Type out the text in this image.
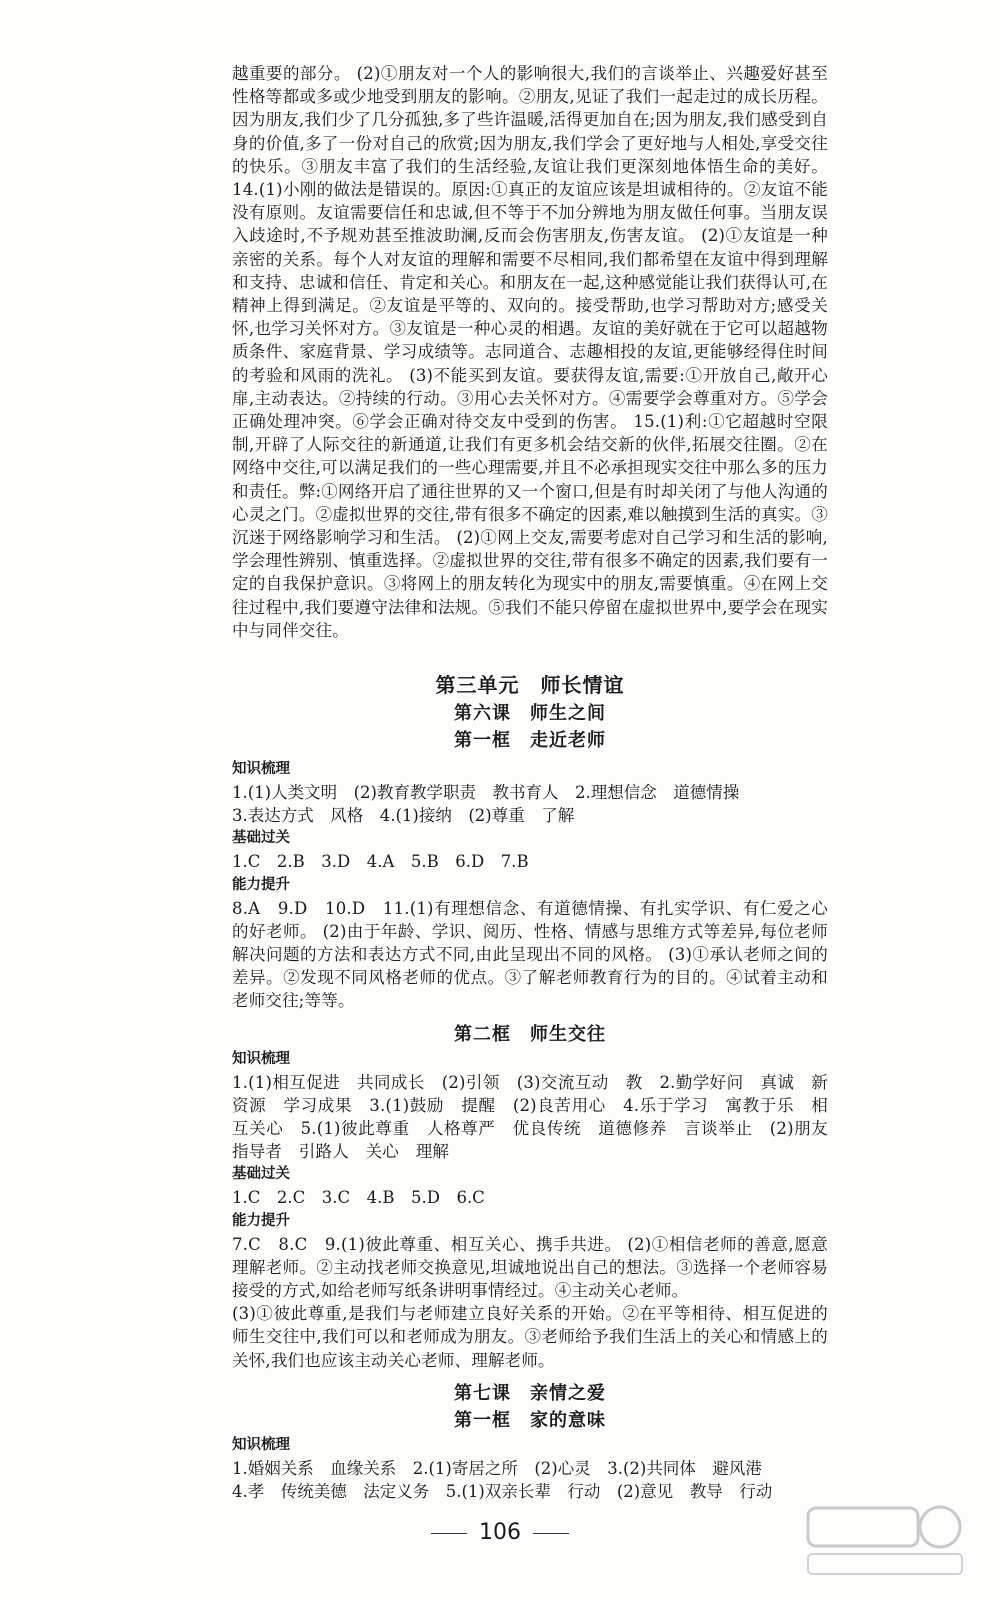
越重要的部分。 (2)①朋友对一个人的影响很大,我们的言谈举止、兴趣爱好甚至性格等都或多或少地受到朋友的影响。②朋友,见证了我们一起走过的成长历程。因为朋友,我们少了几分孤独,多了些许温暖,活得更加自在;因为朋友,我们感受到自身的价值,多了一份对自己的欣赏;因为朋友,我们学会了更好地与人相处,享受交往的快乐。③朋友丰富了我们的生活经验,友谊让我们更深刻地体悟生命的美好。 14.(1)小刚的做法是错误的。原因:①真正的友谊应该是坦诚相待的。②友谊不能没有原则。友谊需要信任和忠诚,但不等于不加分辨地为朋友做任何事。当朋友误入歧途时,不予规劝甚至推波助澜,反而会伤害朋友,伤害友谊。 (2)①友谊是一种亲密的关系。每个人对友谊的理解和需要不尽相同,我们都希望在友谊中得到理解和支持、忠诚和信任、肯定和关心。和朋友在一起,这种感觉能让我们获得认可,在精神上得到满足。②友谊是平等的、双向的。接受帮助,也学习帮助对方;感受关怀,也学习关怀对方。③友谊是一种心灵的相遇。友谊的美好就在于它可以超越物质条件、家庭背景、学习成绩等。志同道合、志趣相投的友谊,更能够经得住时间的考验和风雨的洗礼。 (3)不能买到友谊。要获得友谊,需要:①开放自己,敞开心扉,主动表达。②持续的行动。③用心去关怀对方。④需要学会尊重对方。⑤学会正确处理冲突。⑥学会正确对待交友中受到的伤害。 15.(1)利:①它超越时空限制,开辟了人际交往的新通道,让我们有更多机会结交新的伙伴,拓展交往圈。②在网络中交往,可以满足我们的一些心理需要,并且不必承担现实交往中那么多的压力和责任。弊:①网络开启了通往世界的又一个窗口,但是有时却关闭了与他人沟通的心灵之门。②虚拟世界的交往,带有很多不确定的因素,难以触摸到生活的真实。③沉迷于网络影响学习和生活。 (2)①网上交友,需要考虑对自己学习和生活的影响,学会理性辨别、慎重选择。②虚拟世界的交往,带有很多不确定的因素,我们要有一定的自我保护意识。③将网上的朋友转化为现实中的朋友,需要慎重。④在网上交往过程中,我们要遵守法律和法规。⑤我们不能只停留在虚拟世界中,要学会在现实中与同伴交往。

第三单元　师长情谊

第六课　师生之间

第一框　走近老师

知识梳理

1.(1)人类文明　(2)教育教学职责　教书育人　2.理想信念　道德情操

3.表达方式　风格　4.(1)接纳　(2)尊重　了解

基础过关

1.C　2.B　3.D　4.A　5.B　6.D　7.B

能力提升

8.A　9.D　10.D　11.(1)有理想信念、有道德情操、有扎实学识、有仁爱之心的好老师。 (2)由于年龄、学识、阅历、性格、情感与思维方式等差异,每位老师解决问题的方法和表达方式不同,由此呈现出不同的风格。 (3)①承认老师之间的差异。②发现不同风格老师的优点。③了解老师教育行为的目的。④试着主动和老师交往;等等。

第二框　师生交往

知识梳理

1.(1)相互促进　共同成长　(2)引领　(3)交流互动　教　2.勤学好问　真诚　新资源　学习成果　3.(1)鼓励　提醒　(2)良苦用心　4.乐于学习　寓教于乐　相互关心　5.(1)彼此尊重　人格尊严　优良传统　道德修养　言谈举止　(2)朋友　指导者　引路人　关心　理解

基础过关

1.C　2.C　3.C　4.B　5.D　6.C

能力提升

7.C　8.C　9.(1)彼此尊重、相互关心、携手共进。 (2)①相信老师的善意,愿意理解老师。②主动找老师交换意见,坦诚地说出自己的想法。③选择一个老师容易接受的方式,如给老师写纸条讲明事情经过。④主动关心老师。

(3)①彼此尊重,是我们与老师建立良好关系的开始。②在平等相待、相互促进的师生交往中,我们可以和老师成为朋友。③老师给予我们生活上的关心和情感上的关怀,我们也应该主动关心老师、理解老师。

第七课　亲情之爱

第一框　家的意味

知识梳理

1.婚姻关系　血缘关系　2.(1)寄居之所　(2)心灵　3.(2)共同体　避风港

4.孝　传统美德　法定义务　5.(1)双亲长辈　行动　(2)意见　教导　行动

106
